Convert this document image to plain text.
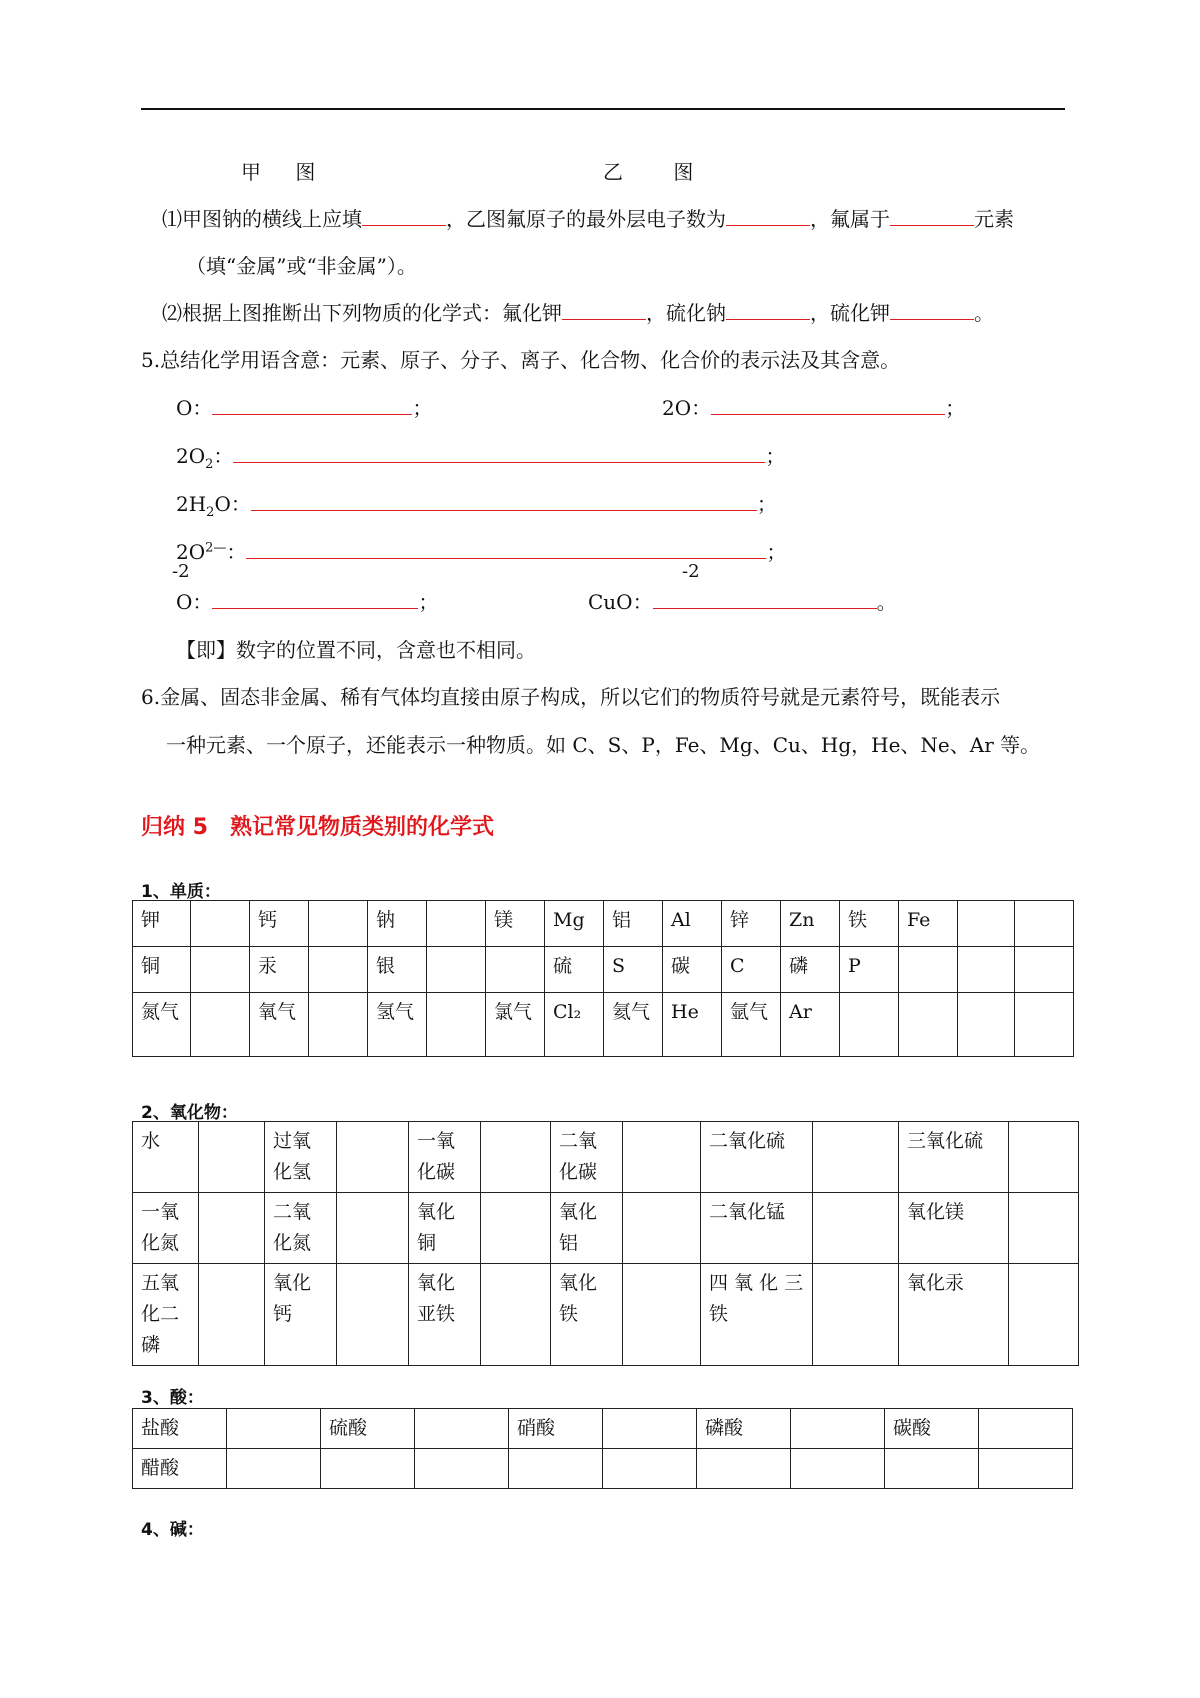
甲 图	乙 图
⑴甲图钠的横线上应填	，乙图氟原子的最外层电子数为	，氟属于	元素
（填“金属”或“非金属”）。
⑵根据上图推断出下列物质的化学式：氟化钾	，硫化钠	，硫化钾	。
5.总结化学用语含意：元素、原子、分子、离子、化合物、化合价的表示法及其含意。
O：	；	2O：	；
$2O_2$：	；
$2H_2O$：	；
$2O^{2—}$：	；
-2	-2
O：	；	CuO：	。
【即】数字的位置不同，含意也不相同。
6.金属、固态非金属、稀有气体均直接由原子构成，所以它们的物质符号就是元素符号，既能表示
一种元素、一个原子，还能表示一种物质。如 C、S、P，Fe、Mg、Cu、Hg，He、Ne、Ar 等。
归纳 5　熟记常见物质类别的化学式
1、单质：
钾		钙		钠		镁	Mg	铝	Al	锌	Zn	铁	Fe		
铜		汞		银			硫	S	碳	C	磷	P			
氮气		氧气		氢气		氯气	Cl₂	氦气	He	氩气	Ar				
2、氧化物：
水		过氧化氢		一氧化碳		二氧化碳		二氧化硫		三氧化硫	
一氧化氮		二氧化氮		氧化铜		氧化铝		二氧化锰		氧化镁	
五氧化二磷		氧化钙		氧化亚铁		氧化铁		四 氧 化 三 铁		氧化汞	
3、酸：
盐酸		硫酸		硝酸		磷酸		碳酸	
醋酸									
4、碱：
